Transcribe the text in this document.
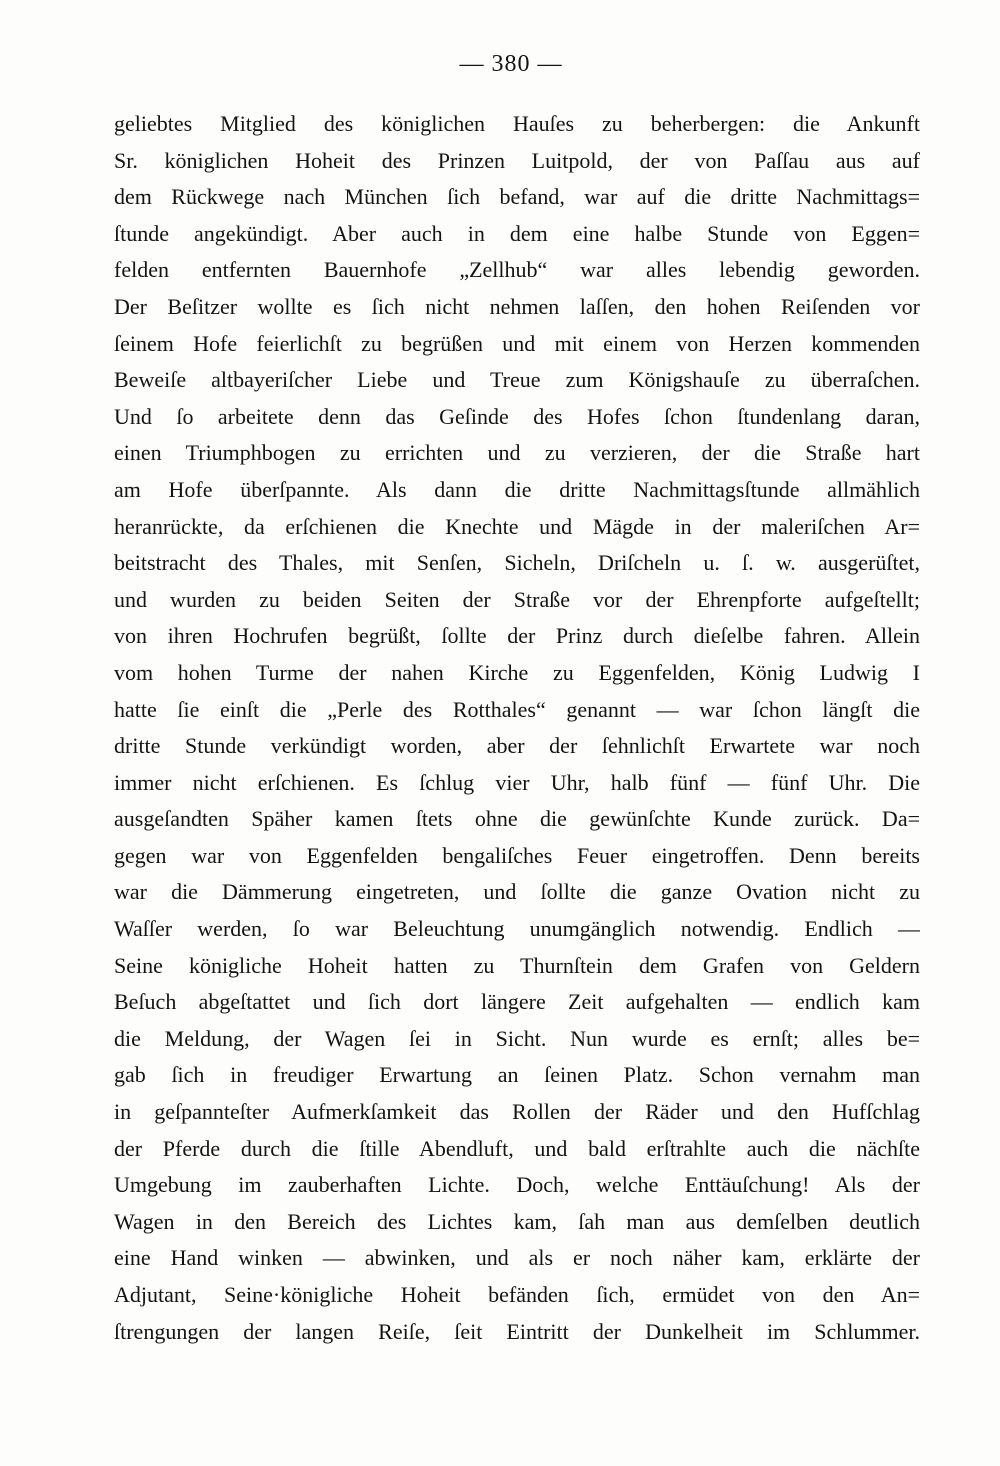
— 380 —
geliebtes Mitglied des königlichen Hauſes zu beherbergen: die Ankunft
Sr. königlichen Hoheit des Prinzen Luitpold, der von Paſſau aus auf
dem Rückwege nach München ſich befand, war auf die dritte Nachmittags=
ſtunde angekündigt. Aber auch in dem eine halbe Stunde von Eggen=
felden entfernten Bauernhofe „Zellhub“ war alles lebendig geworden.
Der Beſitzer wollte es ſich nicht nehmen laſſen, den hohen Reiſenden vor
ſeinem Hofe feierlichſt zu begrüßen und mit einem von Herzen kommenden
Beweiſe altbayeriſcher Liebe und Treue zum Königshauſe zu überraſchen.
Und ſo arbeitete denn das Geſinde des Hofes ſchon ſtundenlang daran,
einen Triumphbogen zu errichten und zu verzieren, der die Straße hart
am Hofe überſpannte. Als dann die dritte Nachmittagsſtunde allmählich
heranrückte, da erſchienen die Knechte und Mägde in der maleriſchen Ar=
beitstracht des Thales, mit Senſen, Sicheln, Driſcheln u. ſ. w. ausgerüſtet,
und wurden zu beiden Seiten der Straße vor der Ehrenpforte aufgeſtellt;
von ihren Hochrufen begrüßt, ſollte der Prinz durch dieſelbe fahren. Allein
vom hohen Turme der nahen Kirche zu Eggenfelden, König Ludwig I
hatte ſie einſt die „Perle des Rotthales“ genannt — war ſchon längſt die
dritte Stunde verkündigt worden, aber der ſehnlichſt Erwartete war noch
immer nicht erſchienen. Es ſchlug vier Uhr, halb fünf — fünf Uhr. Die
ausgeſandten Späher kamen ſtets ohne die gewünſchte Kunde zurück. Da=
gegen war von Eggenfelden bengaliſches Feuer eingetroffen. Denn bereits
war die Dämmerung eingetreten, und ſollte die ganze Ovation nicht zu
Waſſer werden, ſo war Beleuchtung unumgänglich notwendig. Endlich —
Seine königliche Hoheit hatten zu Thurnſtein dem Grafen von Geldern
Beſuch abgeſtattet und ſich dort längere Zeit aufgehalten — endlich kam
die Meldung, der Wagen ſei in Sicht. Nun wurde es ernſt; alles be=
gab ſich in freudiger Erwartung an ſeinen Platz. Schon vernahm man
in geſpannteſter Aufmerkſamkeit das Rollen der Räder und den Hufſchlag
der Pferde durch die ſtille Abendluft, und bald erſtrahlte auch die nächſte
Umgebung im zauberhaften Lichte. Doch, welche Enttäuſchung! Als der
Wagen in den Bereich des Lichtes kam, ſah man aus demſelben deutlich
eine Hand winken — abwinken, und als er noch näher kam, erklärte der
Adjutant, Seine·königliche Hoheit befänden ſich, ermüdet von den An=
ſtrengungen der langen Reiſe, ſeit Eintritt der Dunkelheit im Schlummer.
